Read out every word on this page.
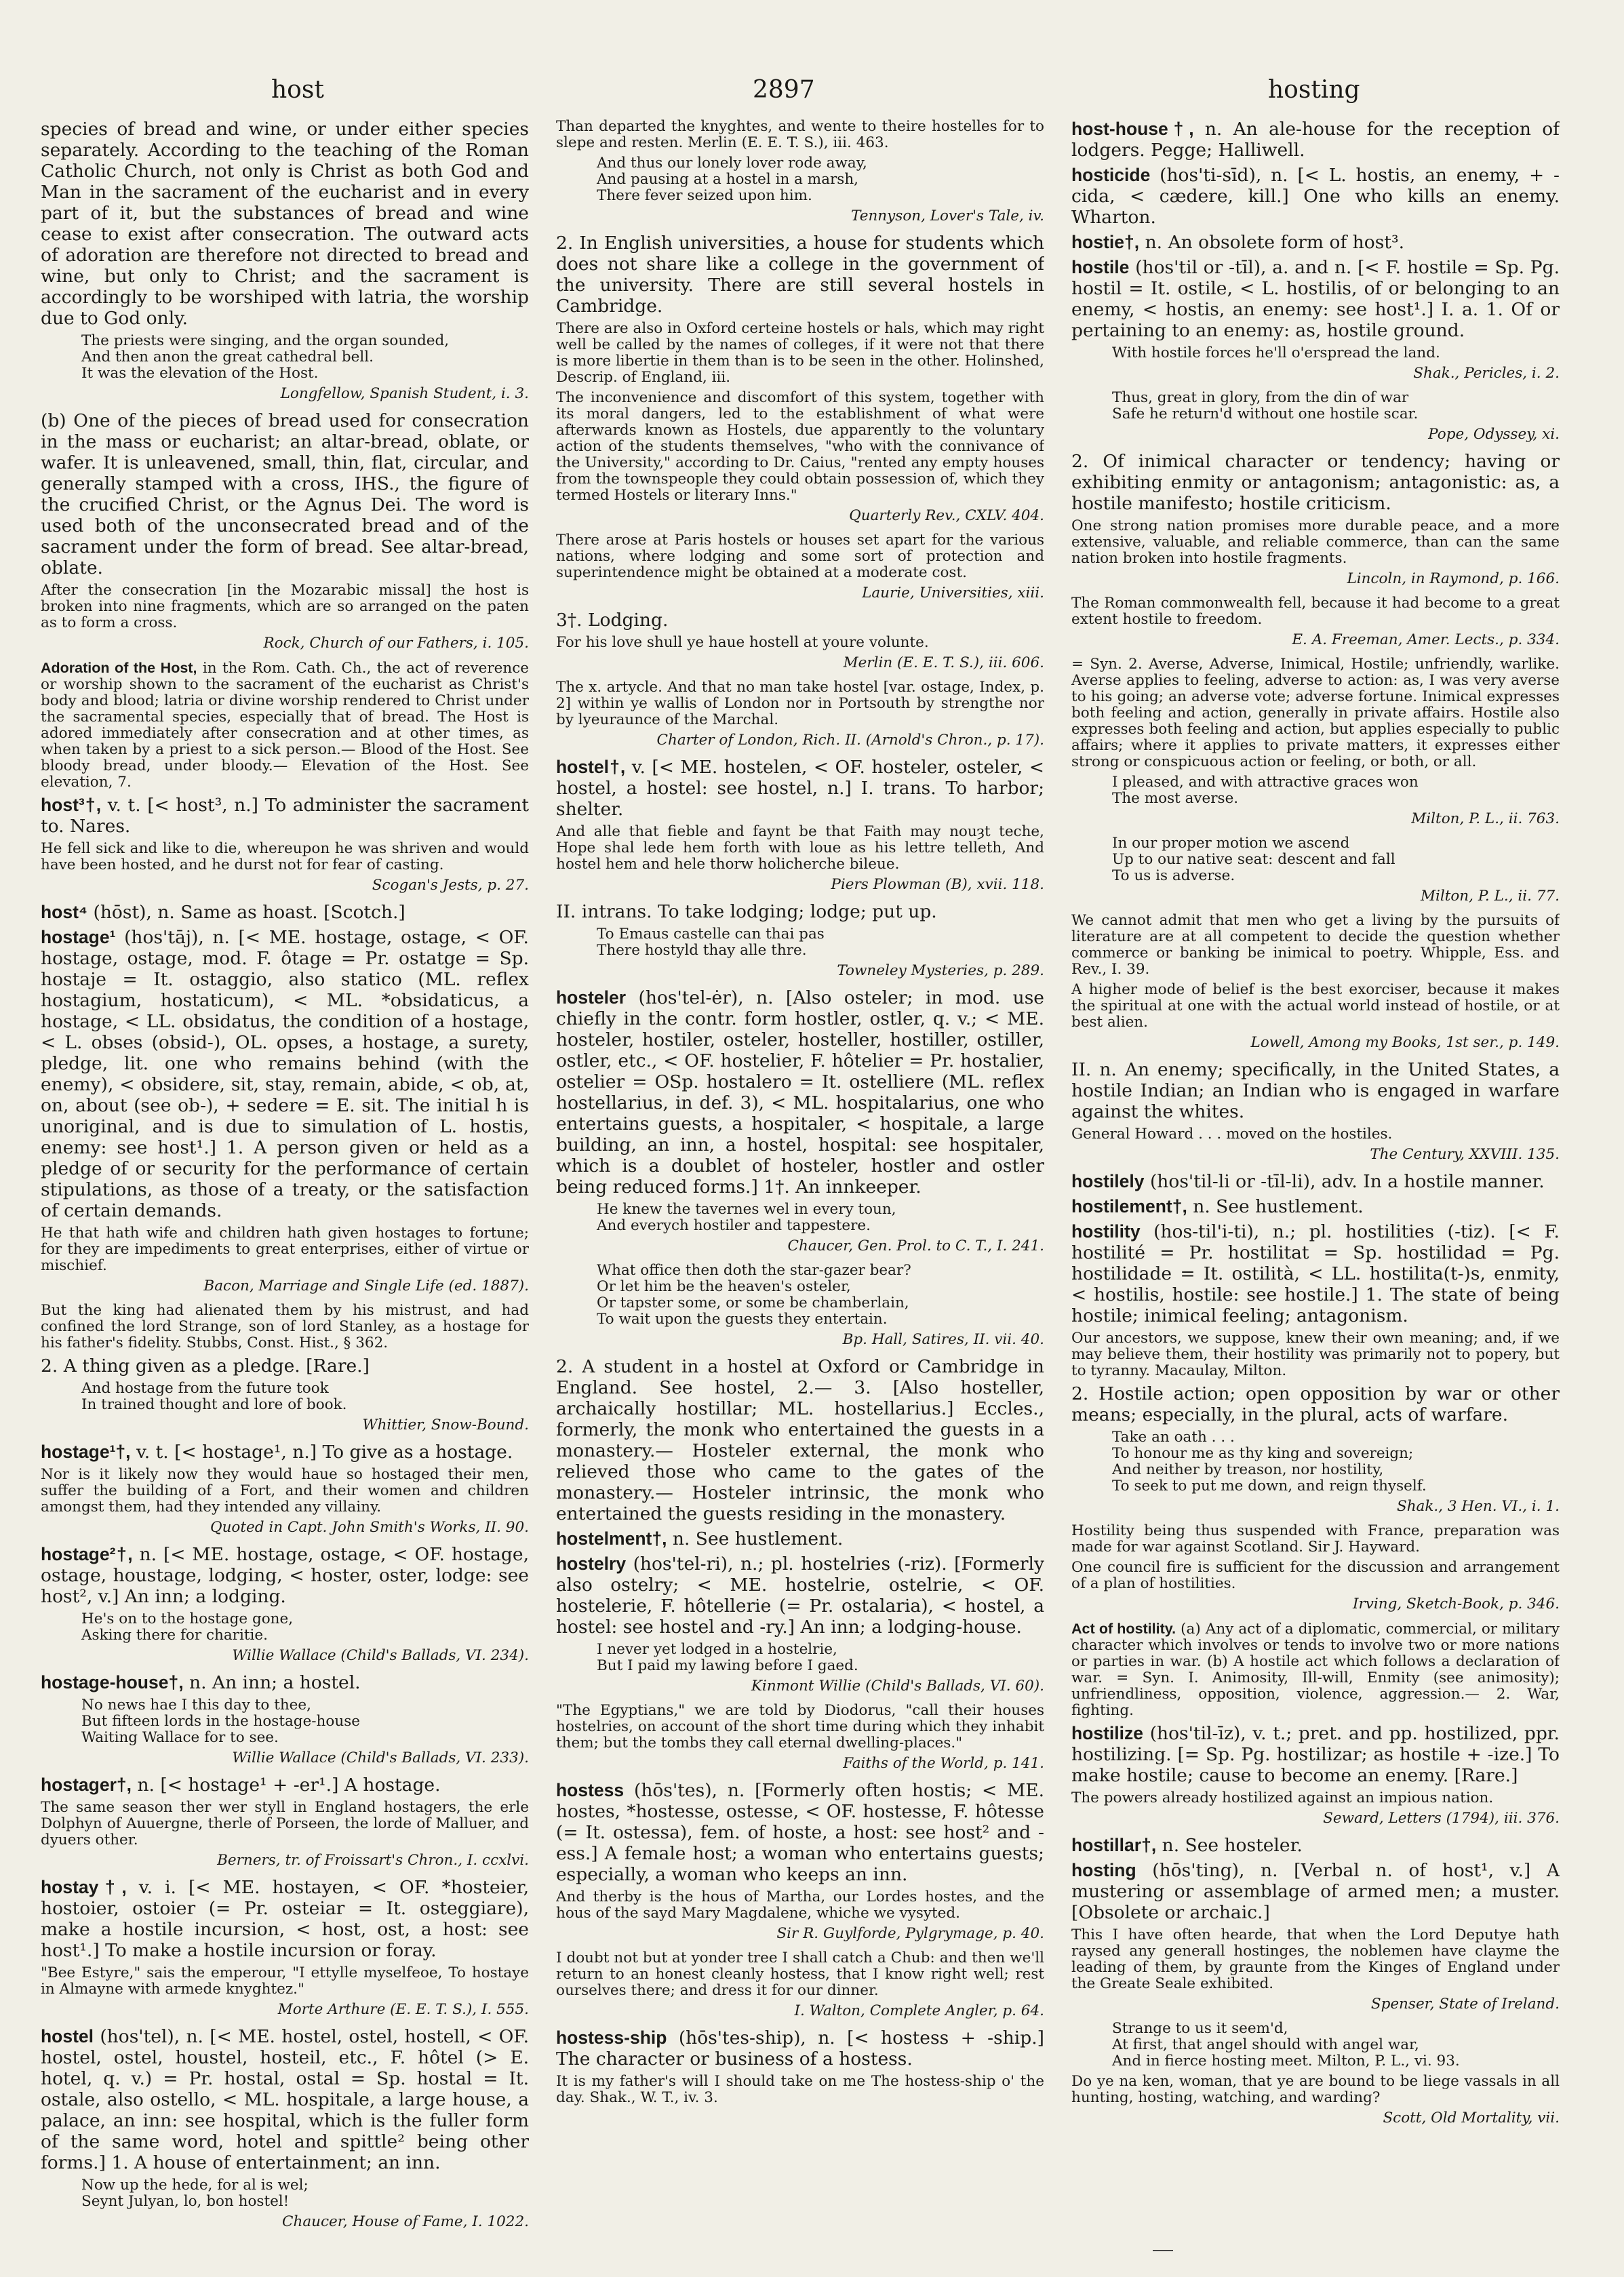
host	2897	hosting

species of bread and wine, or under either species separately. According to the teaching of the Roman Catholic Church, not only is Christ as both God and Man in the sacrament of the eucharist and in every part of it, but the substances of bread and wine cease to exist after consecration. The outward acts of adoration are therefore not directed to bread and wine, but only to Christ; and the sacrament is accordingly to be worshiped with latria, the worship due to God only.

The priests were singing, and the organ sounded,
And then anon the great cathedral bell.
It was the elevation of the Host.

Longfellow, Spanish Student, i. 3.

(b) One of the pieces of bread used for consecration in the mass or eucharist; an altar-bread, oblate, or wafer. It is unleavened, small, thin, flat, circular, and generally stamped with a cross, IHS., the figure of the crucified Christ, or the Agnus Dei. The word is used both of the unconsecrated bread and of the sacrament under the form of bread. See altar-bread, oblate.

After the consecration [in the Mozarabic missal] the host is broken into nine fragments, which are so arranged on the paten as to form a cross.

Rock, Church of our Fathers, i. 105.

Adoration of the Host, in the Rom. Cath. Ch., the act of reverence or worship shown to the sacrament of the eucharist as Christ's body and blood; latria or divine worship rendered to Christ under the sacramental species, especially that of bread. The Host is adored immediately after consecration and at other times, as when taken by a priest to a sick person.— Blood of the Host. See bloody bread, under bloody.— Elevation of the Host. See elevation, 7.

host³†, v. t. [< host³, n.] To administer the sacrament to. Nares.

He fell sick and like to die, whereupon he was shriven and would have been hosted, and he durst not for fear of casting.

Scogan's Jests, p. 27.

host⁴ (hōst), n. Same as hoast. [Scotch.]

hostage¹ (hos'tāj), n. [< ME. hostage, ostage, < OF. hostage, ostage, mod. F. ôtage = Pr. ostatge = Sp. hostaje = It. ostaggio, also statico (ML. reflex hostagium, hostaticum), < ML. *obsidaticus, a hostage, < LL. obsidatus, the condition of a hostage, < L. obses (obsid-), OL. opses, a hostage, a surety, pledge, lit. one who remains behind (with the enemy), < obsidere, sit, stay, remain, abide, < ob, at, on, about (see ob-), + sedere = E. sit. The initial h is unoriginal, and is due to simulation of L. hostis, enemy: see host¹.] 1. A person given or held as a pledge of or security for the performance of certain stipulations, as those of a treaty, or the satisfaction of certain demands.

He that hath wife and children hath given hostages to fortune; for they are impediments to great enterprises, either of virtue or mischief.

Bacon, Marriage and Single Life (ed. 1887).

But the king had alienated them by his mistrust, and had confined the lord Strange, son of lord Stanley, as a hostage for his father's fidelity. Stubbs, Const. Hist., § 362.

2. A thing given as a pledge. [Rare.]

And hostage from the future took
In trained thought and lore of book.

Whittier, Snow-Bound.

hostage¹†, v. t. [< hostage¹, n.] To give as a hostage.

Nor is it likely now they would haue so hostaged their men, suffer the building of a Fort, and their women and children amongst them, had they intended any villainy.

Quoted in Capt. John Smith's Works, II. 90.

hostage²†, n. [< ME. hostage, ostage, < OF. hostage, ostage, houstage, lodging, < hoster, oster, lodge: see host², v.] An inn; a lodging.

He's on to the hostage gone,
Asking there for charitie.

Willie Wallace (Child's Ballads, VI. 234).

hostage-house†, n. An inn; a hostel.

No news hae I this day to thee,
But fifteen lords in the hostage-house
Waiting Wallace for to see.

Willie Wallace (Child's Ballads, VI. 233).

hostager†, n. [< hostage¹ + -er¹.] A hostage.

The same season ther wer styll in England hostagers, the erle Dolphyn of Auuergne, therle of Porseen, the lorde of Malluer, and dyuers other.

Berners, tr. of Froissart's Chron., I. ccxlvi.

hostay†, v. i. [< ME. hostayen, < OF. *hosteier, hostoier, ostoier (= Pr. osteiar = It. osteggiare), make a hostile incursion, < host, ost, a host: see host¹.] To make a hostile incursion or foray.

"Bee Estyre," sais the emperour, "I ettylle myselfeoe, To hostaye in Almayne with armede knyghtez."

Morte Arthure (E. E. T. S.), I. 555.

hostel (hos'tel), n. [< ME. hostel, ostel, hostell, < OF. hostel, ostel, houstel, hosteil, etc., F. hôtel (> E. hotel, q. v.) = Pr. hostal, ostal = Sp. hostal = It. ostale, also ostello, < ML. hospitale, a large house, a palace, an inn: see hospital, which is the fuller form of the same word, hotel and spittle² being other forms.] 1. A house of entertainment; an inn.

Now up the hede, for al is wel;
Seynt Julyan, lo, bon hostel!

Chaucer, House of Fame, I. 1022.

Than departed the knyghtes, and wente to theire hostelles for to slepe and resten. Merlin (E. E. T. S.), iii. 463.

And thus our lonely lover rode away,
And pausing at a hostel in a marsh,
There fever seized upon him.

Tennyson, Lover's Tale, iv.

2. In English universities, a house for students which does not share like a college in the government of the university. There are still several hostels in Cambridge.

There are also in Oxford certeine hostels or hals, which may right well be called by the names of colleges, if it were not that there is more libertie in them than is to be seen in the other. Holinshed, Descrip. of England, iii.

The inconvenience and discomfort of this system, together with its moral dangers, led to the establishment of what were afterwards known as Hostels, due apparently to the voluntary action of the students themselves, "who with the connivance of the University," according to Dr. Caius, "rented any empty houses from the townspeople they could obtain possession of, which they termed Hostels or literary Inns."

Quarterly Rev., CXLV. 404.

There arose at Paris hostels or houses set apart for the various nations, where lodging and some sort of protection and superintendence might be obtained at a moderate cost.

Laurie, Universities, xiii.

3†. Lodging.

For his love shull ye haue hostell at youre volunte.

Merlin (E. E. T. S.), iii. 606.

The x. artycle. And that no man take hostel [var. ostage, Index, p. 2] within ye wallis of London nor in Portsouth by strengthe nor by lyeuraunce of the Marchal.

Charter of London, Rich. II. (Arnold's Chron., p. 17).

hostel†, v. [< ME. hostelen, < OF. hosteler, osteler, < hostel, a hostel: see hostel, n.] I. trans. To harbor; shelter.

And alle that fieble and faynt be that Faith may nouȝt teche, Hope shal lede hem forth with loue as his lettre telleth, And hostel hem and hele thorw holicherche bileue.

Piers Plowman (B), xvii. 118.

II. intrans. To take lodging; lodge; put up.

To Emaus castelle can thai pas
There hostyld thay alle thre.

Towneley Mysteries, p. 289.

hosteler (hos'tel-ėr), n. [Also osteler; in mod. use chiefly in the contr. form hostler, ostler, q. v.; < ME. hosteler, hostiler, osteler, hosteller, hostiller, ostiller, ostler, etc., < OF. hostelier, F. hôtelier = Pr. hostalier, ostelier = OSp. hostalero = It. ostelliere (ML. reflex hostellarius, in def. 3), < ML. hospitalarius, one who entertains guests, a hospitaler, < hospitale, a large building, an inn, a hostel, hospital: see hospitaler, which is a doublet of hosteler, hostler and ostler being reduced forms.] 1†. An innkeeper.

He knew the tavernes wel in every toun,
And everych hostiler and tappestere.

Chaucer, Gen. Prol. to C. T., I. 241.

What office then doth the star-gazer bear?
Or let him be the heaven's osteler,
Or tapster some, or some be chamberlain,
To wait upon the guests they entertain.

Bp. Hall, Satires, II. vii. 40.

2. A student in a hostel at Oxford or Cambridge in England. See hostel, 2.— 3. [Also hosteller, archaically hostillar; ML. hostellarius.] Eccles., formerly, the monk who entertained the guests in a monastery.— Hosteler external, the monk who relieved those who came to the gates of the monastery.— Hosteler intrinsic, the monk who entertained the guests residing in the monastery.

hostelment†, n. See hustlement.

hostelry (hos'tel-ri), n.; pl. hostelries (-riz). [Formerly also ostelry; < ME. hostelrie, ostelrie, < OF. hostelerie, F. hôtellerie (= Pr. ostalaria), < hostel, a hostel: see hostel and -ry.] An inn; a lodging-house.

I never yet lodged in a hostelrie,
But I paid my lawing before I gaed.

Kinmont Willie (Child's Ballads, VI. 60).

"The Egyptians," we are told by Diodorus, "call their houses hostelries, on account of the short time during which they inhabit them; but the tombs they call eternal dwelling-places."

Faiths of the World, p. 141.

hostess (hōs'tes), n. [Formerly often hostis; < ME. hostes, *hostesse, ostesse, < OF. hostesse, F. hôtesse (= It. ostessa), fem. of hoste, a host: see host² and -ess.] A female host; a woman who entertains guests; especially, a woman who keeps an inn.

And therby is the hous of Martha, our Lordes hostes, and the hous of the sayd Mary Magdalene, whiche we vysyted.

Sir R. Guylforde, Pylgrymage, p. 40.

I doubt not but at yonder tree I shall catch a Chub: and then we'll return to an honest cleanly hostess, that I know right well; rest ourselves there; and dress it for our dinner.

I. Walton, Complete Angler, p. 64.

hostess-ship (hōs'tes-ship), n. [< hostess + -ship.] The character or business of a hostess.

It is my father's will I should take on me The hostess-ship o' the day. Shak., W. T., iv. 3.

host-house†, n. An ale-house for the reception of lodgers. Pegge; Halliwell.

hosticide (hos'ti-sīd), n. [< L. hostis, an enemy, + -cida, < cædere, kill.] One who kills an enemy. Wharton.

hostie†, n. An obsolete form of host³.

hostile (hos'til or -tīl), a. and n. [< F. hostile = Sp. Pg. hostil = It. ostile, < L. hostilis, of or belonging to an enemy, < hostis, an enemy: see host¹.] I. a. 1. Of or pertaining to an enemy: as, hostile ground.

With hostile forces he'll o'erspread the land.

Shak., Pericles, i. 2.

Thus, great in glory, from the din of war
Safe he return'd without one hostile scar.

Pope, Odyssey, xi.

2. Of inimical character or tendency; having or exhibiting enmity or antagonism; antagonistic: as, a hostile manifesto; hostile criticism.

One strong nation promises more durable peace, and a more extensive, valuable, and reliable commerce, than can the same nation broken into hostile fragments.

Lincoln, in Raymond, p. 166.

The Roman commonwealth fell, because it had become to a great extent hostile to freedom.

E. A. Freeman, Amer. Lects., p. 334.

= Syn. 2. Averse, Adverse, Inimical, Hostile; unfriendly, warlike. Averse applies to feeling, adverse to action: as, I was very averse to his going; an adverse vote; adverse fortune. Inimical expresses both feeling and action, generally in private affairs. Hostile also expresses both feeling and action, but applies especially to public affairs; where it applies to private matters, it expresses either strong or conspicuous action or feeling, or both, or all.

I pleased, and with attractive graces won
The most averse.

Milton, P. L., ii. 763.

In our proper motion we ascend
Up to our native seat: descent and fall
To us is adverse.

Milton, P. L., ii. 77.

We cannot admit that men who get a living by the pursuits of literature are at all competent to decide the question whether commerce or banking be inimical to poetry. Whipple, Ess. and Rev., I. 39.

A higher mode of belief is the best exorciser, because it makes the spiritual at one with the actual world instead of hostile, or at best alien.

Lowell, Among my Books, 1st ser., p. 149.

II. n. An enemy; specifically, in the United States, a hostile Indian; an Indian who is engaged in warfare against the whites.

General Howard . . . moved on the hostiles.

The Century, XXVIII. 135.

hostilely (hos'til-li or -tīl-li), adv. In a hostile manner.

hostilement†, n. See hustlement.

hostility (hos-til'i-ti), n.; pl. hostilities (-tiz). [< F. hostilité = Pr. hostilitat = Sp. hostilidad = Pg. hostilidade = It. ostilità, < LL. hostilita(t-)s, enmity, < hostilis, hostile: see hostile.] 1. The state of being hostile; inimical feeling; antagonism.

Our ancestors, we suppose, knew their own meaning; and, if we may believe them, their hostility was primarily not to popery, but to tyranny. Macaulay, Milton.

2. Hostile action; open opposition by war or other means; especially, in the plural, acts of warfare.

Take an oath . . .
To honour me as thy king and sovereign;
And neither by treason, nor hostility,
To seek to put me down, and reign thyself.

Shak., 3 Hen. VI., i. 1.

Hostility being thus suspended with France, preparation was made for war against Scotland. Sir J. Hayward.

One council fire is sufficient for the discussion and arrangement of a plan of hostilities.

Irving, Sketch-Book, p. 346.

Act of hostility. (a) Any act of a diplomatic, commercial, or military character which involves or tends to involve two or more nations or parties in war. (b) A hostile act which follows a declaration of war. = Syn. I. Animosity, Ill-will, Enmity (see animosity); unfriendliness, opposition, violence, aggression.— 2. War, fighting.

hostilize (hos'til-īz), v. t.; pret. and pp. hostilized, ppr. hostilizing. [= Sp. Pg. hostilizar; as hostile + -ize.] To make hostile; cause to become an enemy. [Rare.]

The powers already hostilized against an impious nation.

Seward, Letters (1794), iii. 376.

hostillar†, n. See hosteler.

hosting (hōs'ting), n. [Verbal n. of host¹, v.] A mustering or assemblage of armed men; a muster. [Obsolete or archaic.]

This I have often hearde, that when the Lord Deputye hath raysed any generall hostinges, the noblemen have clayme the leading of them, by graunte from the Kinges of England under the Greate Seale exhibited.

Spenser, State of Ireland.

Strange to us it seem'd,
At first, that angel should with angel war,
And in fierce hosting meet. Milton, P. L., vi. 93.

Do ye na ken, woman, that ye are bound to be liege vassals in all hunting, hosting, watching, and warding?

Scott, Old Mortality, vii.
